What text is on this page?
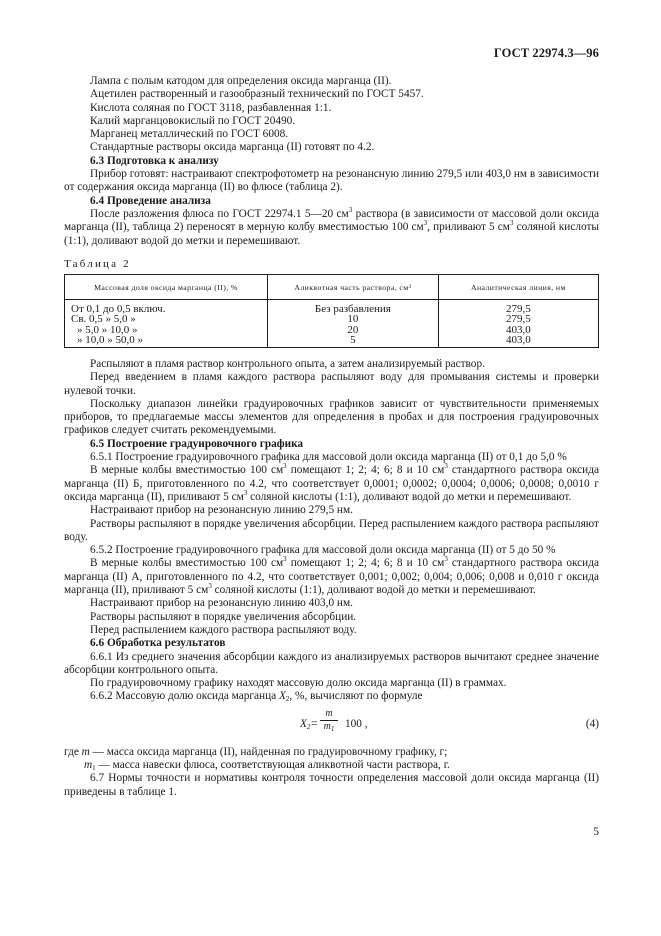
ГОСТ 22974.3—96

Лампа с полым катодом для определения оксида марганца (II).

Ацетилен растворенный и газообразный технический по ГОСТ 5457.

Кислота соляная по ГОСТ 3118, разбавленная 1:1.

Калий марганцовокислый по ГОСТ 20490.

Марганец металлический по ГОСТ 6008.

Стандартные растворы оксида марганца (II) готовят по 4.2.

6.3 Подготовка к анализу

Прибор готовят: настраивают спектрофотометр на резонансную линию 279,5 или 403,0 нм в зависимости от содержания оксида марганца (II) во флюсе (таблица 2).

6.4 Проведение анализа

После разложения флюса по ГОСТ 22974.1 5—20 $см^3$ раствора (в зависимости от массовой доли оксида марганца (II), таблица 2) переносят в мерную колбу вместимостью 100 $см^3$, приливают 5 $см^3$ соляной кислоты (1:1), доливают водой до метки и перемешивают.

Таблица 2

Массовая доля оксида марганца (II), %	Аликвотная часть раствора, см³	Аналитическая линия, нм
От 0,1 до 0,5 включ.	Без разбавления	279,5
Св. 0,5 » 5,0 »	10	279,5
» 5,0 » 10,0 »	20	403,0
» 10,0 » 50,0 »	5	403,0

Распыляют в пламя раствор контрольного опыта, а затем анализируемый раствор.

Перед введением в пламя каждого раствора распыляют воду для промывания системы и проверки нулевой точки.

Поскольку диапазон линейки градуировочных графиков зависит от чувствительности применяемых приборов, то предлагаемые массы элементов для определения в пробах и для построения градуировочных графиков следует считать рекомендуемыми.

6.5 Построение градуировочного графика

6.5.1 Построение градуировочного графика для массовой доли оксида марганца (II) от 0,1 до 5,0 %

В мерные колбы вместимостью 100 $см^3$ помещают 1; 2; 4; 6; 8 и 10 $см^3$ стандартного раствора оксида марганца (II) Б, приготовленного по 4.2, что соответствует 0,0001; 0,0002; 0,0004; 0,0006; 0,0008; 0,0010 г оксида марганца (II), приливают 5 $см^3$ соляной кислоты (1:1), доливают водой до метки и перемешивают.

Настраивают прибор на резонансную линию 279,5 нм.

Растворы распыляют в порядке увеличения абсорбции. Перед распылением каждого раствора распыляют воду.

6.5.2 Построение градуировочного графика для массовой доли оксида марганца (II) от 5 до 50 %

В мерные колбы вместимостью 100 $см^3$ помещают 1; 2; 4; 6; 8 и 10 $см^3$ стандартного раствора оксида марганца (II) А, приготовленного по 4.2, что соответствует 0,001; 0,002; 0,004; 0,006; 0,008 и 0,010 г оксида марганца (II), приливают 5 $см^3$ соляной кислоты (1:1), доливают водой до метки и перемешивают.

Настраивают прибор на резонансную линию 403,0 нм.

Растворы распыляют в порядке увеличения абсорбции.

Перед распылением каждого раствора распыляют воду.

6.6 Обработка результатов

6.6.1 Из среднего значения абсорбции каждого из анализируемых растворов вычитают среднее значение абсорбции контрольного опыта.

По градуировочному графику находят массовую долю оксида марганца (II) в граммах.

6.6.2 Массовую долю оксида марганца $X_2$, %, вычисляют по формуле

$X_2= \frac{m}{m_1} 100$ ,	(4)

где m — масса оксида марганца (II), найденная по градуировочному графику, г;

$m_1$ — масса навески флюса, соответствующая аликвотной части раствора, г.

6.7 Нормы точности и нормативы контроля точности определения массовой доли оксида марганца (II) приведены в таблице 1.

5
